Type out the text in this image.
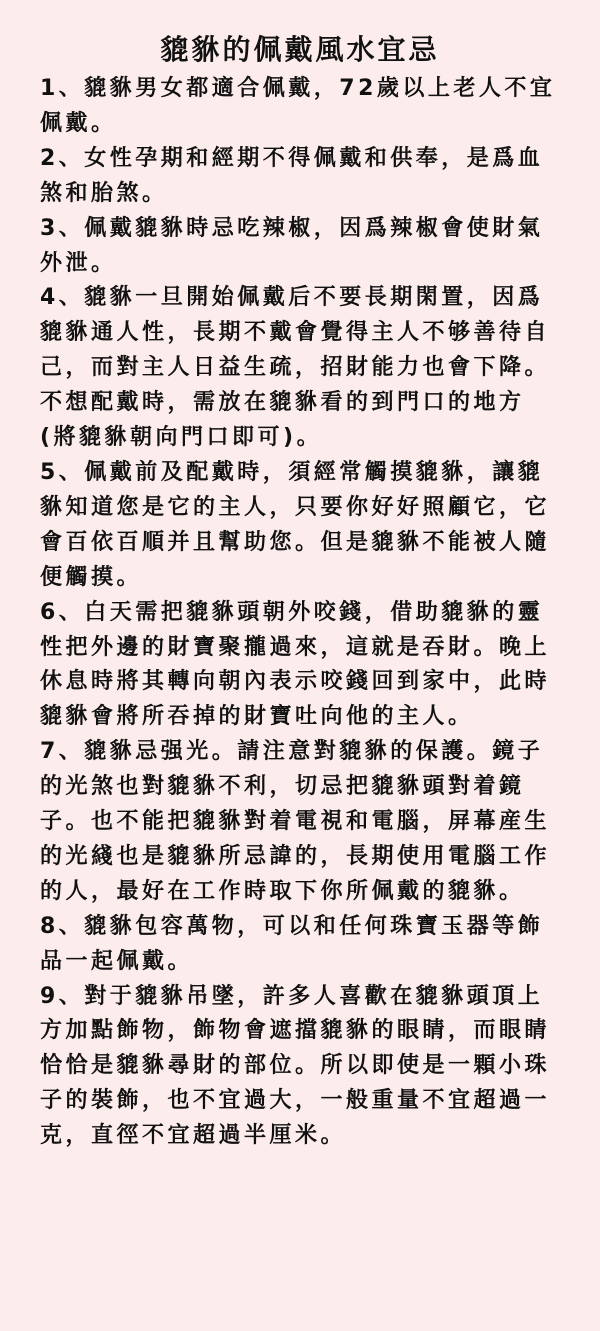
貔貅的佩戴風水宜忌
1、貔貅男女都適合佩戴，72歲以上老人不宜佩戴。
2、女性孕期和經期不得佩戴和供奉，是爲血煞和胎煞。
3、佩戴貔貅時忌吃辣椒，因爲辣椒會使財氣外泄。
4、貔貅一旦開始佩戴后不要長期閑置，因爲貔貅通人性，長期不戴會覺得主人不够善待自己，而對主人日益生疏，招財能力也會下降。不想配戴時，需放在貔貅看的到門口的地方(將貔貅朝向門口即可)。
5、佩戴前及配戴時，須經常觸摸貔貅，讓貔貅知道您是它的主人，只要你好好照顧它，它會百依百順并且幫助您。但是貔貅不能被人隨便觸摸。
6、白天需把貔貅頭朝外咬錢，借助貔貅的靈性把外邊的財寶聚攏過來，這就是吞財。晚上休息時將其轉向朝內表示咬錢回到家中，此時貔貅會將所吞掉的財寶吐向他的主人。
7、貔貅忌强光。請注意對貔貅的保護。鏡子的光煞也對貔貅不利，切忌把貔貅頭對着鏡子。也不能把貔貅對着電視和電腦，屏幕産生的光綫也是貔貅所忌諱的，長期使用電腦工作的人，最好在工作時取下你所佩戴的貔貅。
8、貔貅包容萬物，可以和任何珠寶玉器等飾品一起佩戴。
9、對于貔貅吊墜，許多人喜歡在貔貅頭頂上方加點飾物，飾物會遮擋貔貅的眼睛，而眼睛恰恰是貔貅尋財的部位。所以即使是一顆小珠子的裝飾，也不宜過大，一般重量不宜超過一克，直徑不宜超過半厘米。
